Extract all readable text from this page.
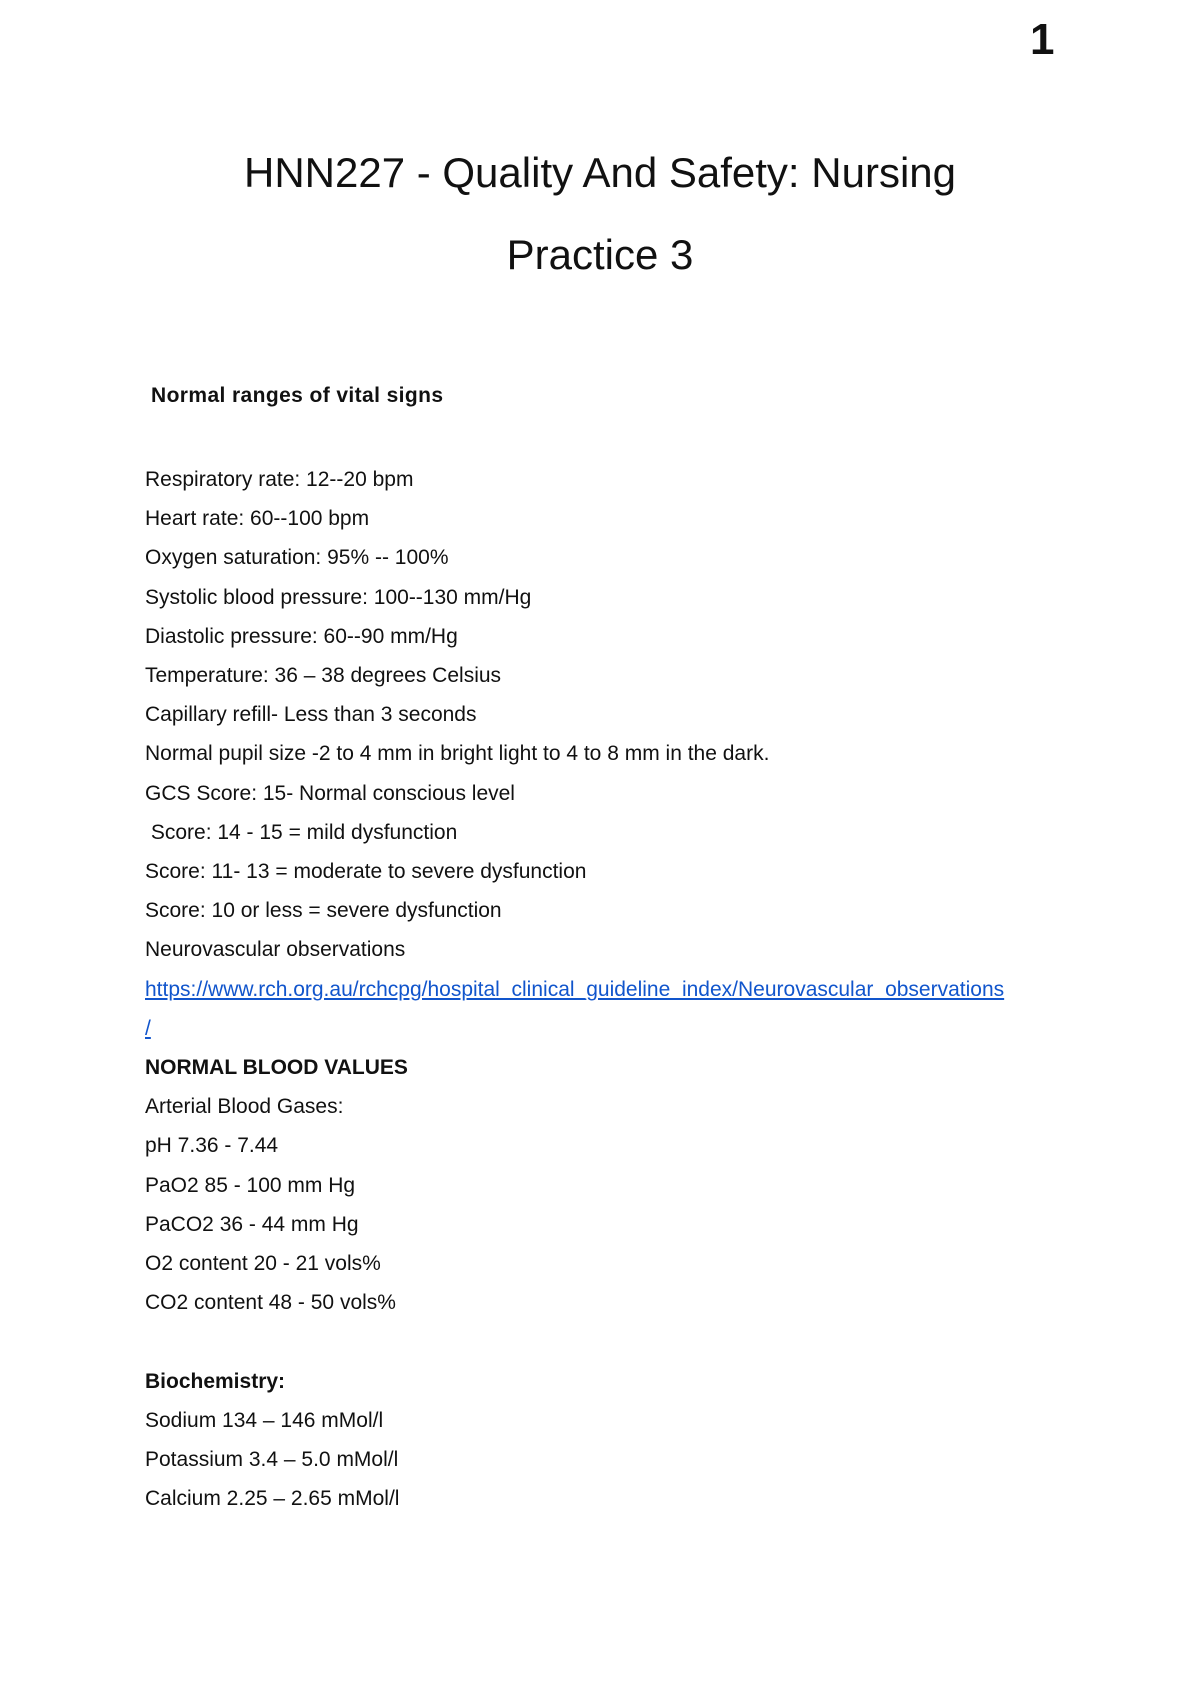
1
HNN227 - Quality And Safety: Nursing
Practice 3
Normal ranges of vital signs
Respiratory rate: 12--20 bpm
Heart rate: 60--100 bpm
Oxygen saturation: 95% -- 100%
Systolic blood pressure: 100--130 mm/Hg
Diastolic pressure: 60--90 mm/Hg
Temperature: 36 – 38 degrees Celsius
Capillary refill- Less than 3 seconds
Normal pupil size -2 to 4 mm in bright light to 4 to 8 mm in the dark.
GCS Score: 15- Normal conscious level
Score: 14 - 15 = mild dysfunction
Score: 11- 13 = moderate to severe dysfunction
Score: 10 or less = severe dysfunction
Neurovascular observations
https://www.rch.org.au/rchcpg/hospital_clinical_guideline_index/Neurovascular_observations
/
NORMAL BLOOD VALUES
Arterial Blood Gases:
pH 7.36 - 7.44
PaO2 85 - 100 mm Hg
PaCO2 36 - 44 mm Hg
O2 content 20 - 21 vols%
CO2 content 48 - 50 vols%
Biochemistry:
Sodium 134 – 146 mMol/l
Potassium 3.4 – 5.0 mMol/l
Calcium 2.25 – 2.65 mMol/l
